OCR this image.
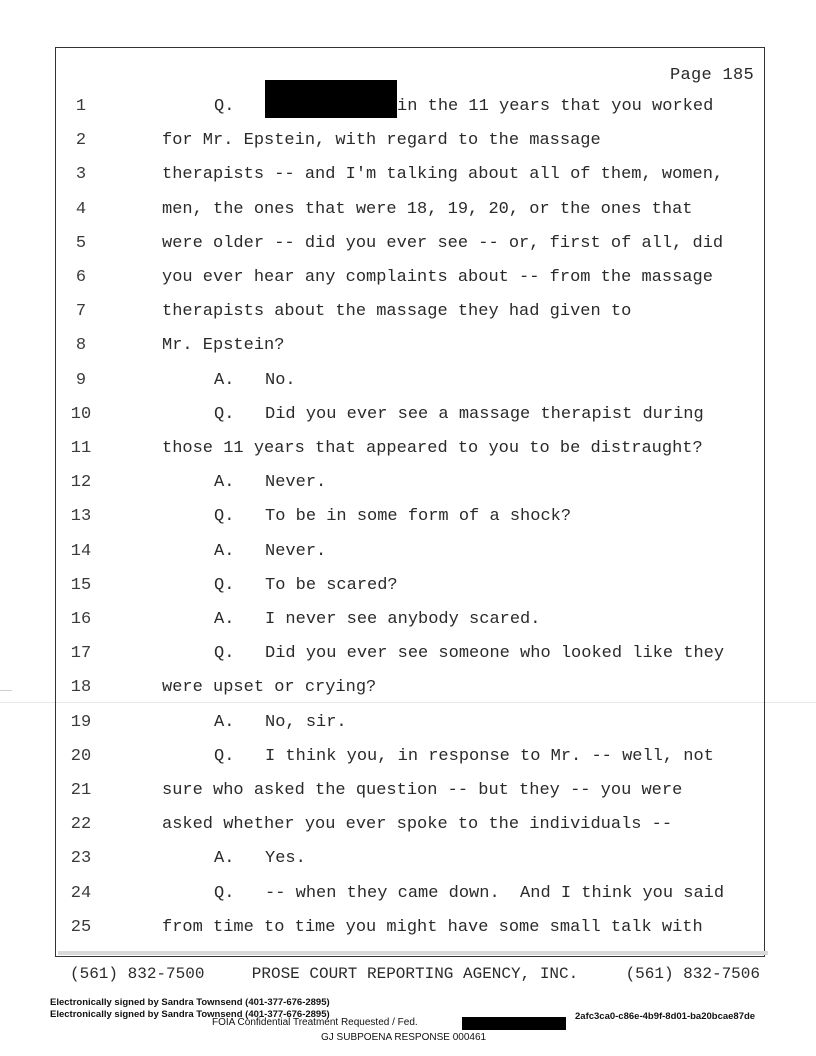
Page 185
1	Q.	in the 11 years that you worked
2	for Mr. Epstein, with regard to the massage
3	therapists -- and I'm talking about all of them, women,
4	men, the ones that were 18, 19, 20, or the ones that
5	were older -- did you ever see -- or, first of all, did
6	you ever hear any complaints about -- from the massage
7	therapists about the massage they had given to
8	Mr. Epstein?
9	A.   No.
10	Q.   Did you ever see a massage therapist during
11	those 11 years that appeared to you to be distraught?
12	A.   Never.
13	Q.   To be in some form of a shock?
14	A.   Never.
15	Q.   To be scared?
16	A.   I never see anybody scared.
17	Q.   Did you ever see someone who looked like they
18	were upset or crying?
19	A.   No, sir.
20	Q.   I think you, in response to Mr. -- well, not
21	sure who asked the question -- but they -- you were
22	asked whether you ever spoke to the individuals --
23	A.   Yes.
24	Q.   -- when they came down.  And I think you said
25	from time to time you might have some small talk with
(561) 832-7500	PROSE COURT REPORTING AGENCY, INC.	(561) 832-7506
Electronically signed by Sandra Townsend (401-377-676-2895)
Electronically signed by Sandra Townsend (401-377-676-2895)
FOIA Confidential Treatment Requested / Fed.
2afc3ca0-c86e-4b9f-8d01-ba20bcae87de
GJ SUBPOENA RESPONSE 000461
